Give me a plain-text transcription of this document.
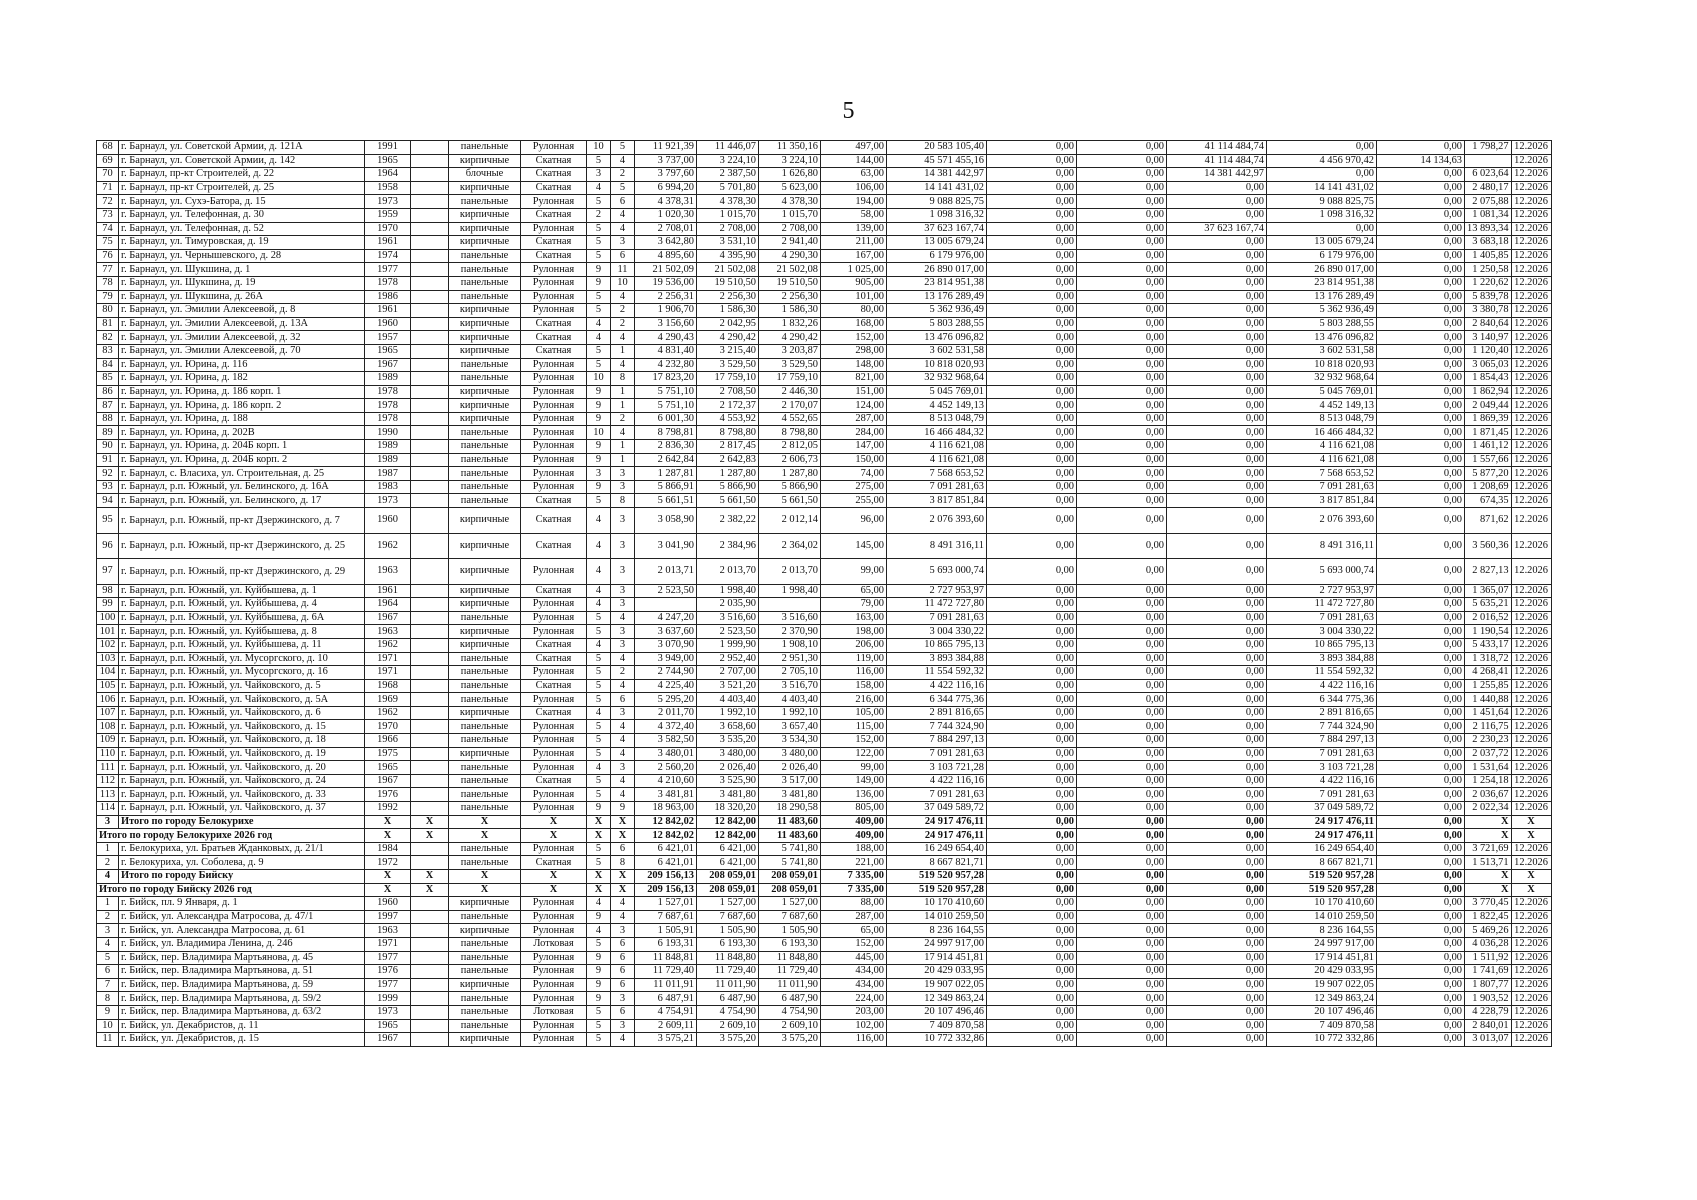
5
68	г. Барнаул, ул. Советской Армии, д. 121А	1991		панельные	Рулонная	10	5	11 921,39	11 446,07	11 350,16	497,00	20 583 105,40	0,00	0,00	41 114 484,74	0,00	0,00	1 798,27	12.2026
69	г. Барнаул, ул. Советской Армии, д. 142	1965		кирпичные	Скатная	5	4	3 737,00	3 224,10	3 224,10	144,00	45 571 455,16	0,00	0,00	41 114 484,74	4 456 970,42	14 134,63		12.2026
70	г. Барнаул, пр-кт Строителей, д. 22	1964		блочные	Скатная	3	2	3 797,60	2 387,50	1 626,80	63,00	14 381 442,97	0,00	0,00	14 381 442,97	0,00	0,00	6 023,64	12.2026
71	г. Барнаул, пр-кт Строителей, д. 25	1958		кирпичные	Скатная	4	5	6 994,20	5 701,80	5 623,00	106,00	14 141 431,02	0,00	0,00	0,00	14 141 431,02	0,00	2 480,17	12.2026
72	г. Барнаул, ул. Сухэ-Батора, д. 15	1973		панельные	Рулонная	5	6	4 378,31	4 378,30	4 378,30	194,00	9 088 825,75	0,00	0,00	0,00	9 088 825,75	0,00	2 075,88	12.2026
73	г. Барнаул, ул. Телефонная, д. 30	1959		кирпичные	Скатная	2	4	1 020,30	1 015,70	1 015,70	58,00	1 098 316,32	0,00	0,00	0,00	1 098 316,32	0,00	1 081,34	12.2026
74	г. Барнаул, ул. Телефонная, д. 52	1970		кирпичные	Рулонная	5	4	2 708,01	2 708,00	2 708,00	139,00	37 623 167,74	0,00	0,00	37 623 167,74	0,00	0,00	13 893,34	12.2026
75	г. Барнаул, ул. Тимуровская, д. 19	1961		кирпичные	Скатная	5	3	3 642,80	3 531,10	2 941,40	211,00	13 005 679,24	0,00	0,00	0,00	13 005 679,24	0,00	3 683,18	12.2026
76	г. Барнаул, ул. Чернышевского, д. 28	1974		панельные	Скатная	5	6	4 895,60	4 395,90	4 290,30	167,00	6 179 976,00	0,00	0,00	0,00	6 179 976,00	0,00	1 405,85	12.2026
77	г. Барнаул, ул. Шукшина, д. 1	1977		панельные	Рулонная	9	11	21 502,09	21 502,08	21 502,08	1 025,00	26 890 017,00	0,00	0,00	0,00	26 890 017,00	0,00	1 250,58	12.2026
78	г. Барнаул, ул. Шукшина, д. 19	1978		панельные	Рулонная	9	10	19 536,00	19 510,50	19 510,50	905,00	23 814 951,38	0,00	0,00	0,00	23 814 951,38	0,00	1 220,62	12.2026
79	г. Барнаул, ул. Шукшина, д. 26А	1986		панельные	Рулонная	5	4	2 256,31	2 256,30	2 256,30	101,00	13 176 289,49	0,00	0,00	0,00	13 176 289,49	0,00	5 839,78	12.2026
80	г. Барнаул, ул. Эмилии Алексеевой, д. 8	1961		кирпичные	Рулонная	5	2	1 906,70	1 586,30	1 586,30	80,00	5 362 936,49	0,00	0,00	0,00	5 362 936,49	0,00	3 380,78	12.2026
81	г. Барнаул, ул. Эмилии Алексеевой, д. 13А	1960		кирпичные	Скатная	4	2	3 156,60	2 042,95	1 832,26	168,00	5 803 288,55	0,00	0,00	0,00	5 803 288,55	0,00	2 840,64	12.2026
82	г. Барнаул, ул. Эмилии Алексеевой, д. 32	1957		кирпичные	Скатная	4	4	4 290,43	4 290,42	4 290,42	152,00	13 476 096,82	0,00	0,00	0,00	13 476 096,82	0,00	3 140,97	12.2026
83	г. Барнаул, ул. Эмилии Алексеевой, д. 70	1965		кирпичные	Скатная	5	1	4 831,40	3 215,40	3 203,87	298,00	3 602 531,58	0,00	0,00	0,00	3 602 531,58	0,00	1 120,40	12.2026
84	г. Барнаул, ул. Юрина, д. 116	1967		панельные	Рулонная	5	4	4 232,80	3 529,50	3 529,50	148,00	10 818 020,93	0,00	0,00	0,00	10 818 020,93	0,00	3 065,03	12.2026
85	г. Барнаул, ул. Юрина, д. 182	1989		панельные	Рулонная	10	8	17 823,20	17 759,10	17 759,10	821,00	32 932 968,64	0,00	0,00	0,00	32 932 968,64	0,00	1 854,43	12.2026
86	г. Барнаул, ул. Юрина, д. 186 корп. 1	1978		кирпичные	Рулонная	9	1	5 751,10	2 708,50	2 446,30	151,00	5 045 769,01	0,00	0,00	0,00	5 045 769,01	0,00	1 862,94	12.2026
87	г. Барнаул, ул. Юрина, д. 186 корп. 2	1978		кирпичные	Рулонная	9	1	5 751,10	2 172,37	2 170,07	124,00	4 452 149,13	0,00	0,00	0,00	4 452 149,13	0,00	2 049,44	12.2026
88	г. Барнаул, ул. Юрина, д. 188	1978		кирпичные	Рулонная	9	2	6 001,30	4 553,92	4 552,65	287,00	8 513 048,79	0,00	0,00	0,00	8 513 048,79	0,00	1 869,39	12.2026
89	г. Барнаул, ул. Юрина, д. 202В	1990		панельные	Рулонная	10	4	8 798,81	8 798,80	8 798,80	284,00	16 466 484,32	0,00	0,00	0,00	16 466 484,32	0,00	1 871,45	12.2026
90	г. Барнаул, ул. Юрина, д. 204Б корп. 1	1989		панельные	Рулонная	9	1	2 836,30	2 817,45	2 812,05	147,00	4 116 621,08	0,00	0,00	0,00	4 116 621,08	0,00	1 461,12	12.2026
91	г. Барнаул, ул. Юрина, д. 204Б корп. 2	1989		панельные	Рулонная	9	1	2 642,84	2 642,83	2 606,73	150,00	4 116 621,08	0,00	0,00	0,00	4 116 621,08	0,00	1 557,66	12.2026
92	г. Барнаул, с. Власиха, ул. Строительная, д. 25	1987		панельные	Рулонная	3	3	1 287,81	1 287,80	1 287,80	74,00	7 568 653,52	0,00	0,00	0,00	7 568 653,52	0,00	5 877,20	12.2026
93	г. Барнаул, р.п. Южный, ул. Белинского, д. 16А	1983		панельные	Рулонная	9	3	5 866,91	5 866,90	5 866,90	275,00	7 091 281,63	0,00	0,00	0,00	7 091 281,63	0,00	1 208,69	12.2026
94	г. Барнаул, р.п. Южный, ул. Белинского, д. 17	1973		панельные	Скатная	5	8	5 661,51	5 661,50	5 661,50	255,00	3 817 851,84	0,00	0,00	0,00	3 817 851,84	0,00	674,35	12.2026
95	г. Барнаул, р.п. Южный, пр-кт Дзержинского, д. 7	1960		кирпичные	Скатная	4	3	3 058,90	2 382,22	2 012,14	96,00	2 076 393,60	0,00	0,00	0,00	2 076 393,60	0,00	871,62	12.2026
96	г. Барнаул, р.п. Южный, пр-кт Дзержинского, д. 25	1962		кирпичные	Скатная	4	3	3 041,90	2 384,96	2 364,02	145,00	8 491 316,11	0,00	0,00	0,00	8 491 316,11	0,00	3 560,36	12.2026
97	г. Барнаул, р.п. Южный, пр-кт Дзержинского, д. 29	1963		кирпичные	Рулонная	4	3	2 013,71	2 013,70	2 013,70	99,00	5 693 000,74	0,00	0,00	0,00	5 693 000,74	0,00	2 827,13	12.2026
98	г. Барнаул, р.п. Южный, ул. Куйбышева, д. 1	1961		кирпичные	Скатная	4	3	2 523,50	1 998,40	1 998,40	65,00	2 727 953,97	0,00	0,00	0,00	2 727 953,97	0,00	1 365,07	12.2026
99	г. Барнаул, р.п. Южный, ул. Куйбышева, д. 4	1964		кирпичные	Рулонная	4	3		2 035,90		79,00	11 472 727,80	0,00	0,00	0,00	11 472 727,80	0,00	5 635,21	12.2026
100	г. Барнаул, р.п. Южный, ул. Куйбышева, д. 6А	1967		панельные	Рулонная	5	4	4 247,20	3 516,60	3 516,60	163,00	7 091 281,63	0,00	0,00	0,00	7 091 281,63	0,00	2 016,52	12.2026
101	г. Барнаул, р.п. Южный, ул. Куйбышева, д. 8	1963		кирпичные	Рулонная	5	3	3 637,60	2 523,50	2 370,90	198,00	3 004 330,22	0,00	0,00	0,00	3 004 330,22	0,00	1 190,54	12.2026
102	г. Барнаул, р.п. Южный, ул. Куйбышева, д. 11	1962		кирпичные	Скатная	4	3	3 070,90	1 999,90	1 908,10	206,00	10 865 795,13	0,00	0,00	0,00	10 865 795,13	0,00	5 433,17	12.2026
103	г. Барнаул, р.п. Южный, ул. Мусоргского, д. 10	1971		панельные	Скатная	5	4	3 949,00	2 952,40	2 951,30	119,00	3 893 384,88	0,00	0,00	0,00	3 893 384,88	0,00	1 318,72	12.2026
104	г. Барнаул, р.п. Южный, ул. Мусоргского, д. 16	1971		панельные	Рулонная	5	2	2 744,90	2 707,00	2 705,10	116,00	11 554 592,32	0,00	0,00	0,00	11 554 592,32	0,00	4 268,41	12.2026
105	г. Барнаул, р.п. Южный, ул. Чайковского, д. 5	1968		панельные	Скатная	5	4	4 225,40	3 521,20	3 516,70	158,00	4 422 116,16	0,00	0,00	0,00	4 422 116,16	0,00	1 255,85	12.2026
106	г. Барнаул, р.п. Южный, ул. Чайковского, д. 5А	1969		панельные	Рулонная	5	6	5 295,20	4 403,40	4 403,40	216,00	6 344 775,36	0,00	0,00	0,00	6 344 775,36	0,00	1 440,88	12.2026
107	г. Барнаул, р.п. Южный, ул. Чайковского, д. 6	1962		кирпичные	Скатная	4	3	2 011,70	1 992,10	1 992,10	105,00	2 891 816,65	0,00	0,00	0,00	2 891 816,65	0,00	1 451,64	12.2026
108	г. Барнаул, р.п. Южный, ул. Чайковского, д. 15	1970		панельные	Рулонная	5	4	4 372,40	3 658,60	3 657,40	115,00	7 744 324,90	0,00	0,00	0,00	7 744 324,90	0,00	2 116,75	12.2026
109	г. Барнаул, р.п. Южный, ул. Чайковского, д. 18	1966		панельные	Рулонная	5	4	3 582,50	3 535,20	3 534,30	152,00	7 884 297,13	0,00	0,00	0,00	7 884 297,13	0,00	2 230,23	12.2026
110	г. Барнаул, р.п. Южный, ул. Чайковского, д. 19	1975		кирпичные	Рулонная	5	4	3 480,01	3 480,00	3 480,00	122,00	7 091 281,63	0,00	0,00	0,00	7 091 281,63	0,00	2 037,72	12.2026
111	г. Барнаул, р.п. Южный, ул. Чайковского, д. 20	1965		панельные	Рулонная	4	3	2 560,20	2 026,40	2 026,40	99,00	3 103 721,28	0,00	0,00	0,00	3 103 721,28	0,00	1 531,64	12.2026
112	г. Барнаул, р.п. Южный, ул. Чайковского, д. 24	1967		панельные	Скатная	5	4	4 210,60	3 525,90	3 517,00	149,00	4 422 116,16	0,00	0,00	0,00	4 422 116,16	0,00	1 254,18	12.2026
113	г. Барнаул, р.п. Южный, ул. Чайковского, д. 33	1976		панельные	Рулонная	5	4	3 481,81	3 481,80	3 481,80	136,00	7 091 281,63	0,00	0,00	0,00	7 091 281,63	0,00	2 036,67	12.2026
114	г. Барнаул, р.п. Южный, ул. Чайковского, д. 37	1992		панельные	Рулонная	9	9	18 963,00	18 320,20	18 290,58	805,00	37 049 589,72	0,00	0,00	0,00	37 049 589,72	0,00	2 022,34	12.2026
3	Итого по городу Белокурихе	X	X	X	X	X	X	12 842,02	12 842,00	11 483,60	409,00	24 917 476,11	0,00	0,00	0,00	24 917 476,11	0,00	X	X
Итого по городу Белокурихе 2026 год		X	X	X	X	X	X	12 842,02	12 842,00	11 483,60	409,00	24 917 476,11	0,00	0,00	0,00	24 917 476,11	0,00	X	X
1	г. Белокуриха, ул. Братьев Жданковых, д. 21/1	1984		панельные	Рулонная	5	6	6 421,01	6 421,00	5 741,80	188,00	16 249 654,40	0,00	0,00	0,00	16 249 654,40	0,00	3 721,69	12.2026
2	г. Белокуриха, ул. Соболева, д. 9	1972		панельные	Скатная	5	8	6 421,01	6 421,00	5 741,80	221,00	8 667 821,71	0,00	0,00	0,00	8 667 821,71	0,00	1 513,71	12.2026
4	Итого по городу Бийску	X	X	X	X	X	X	209 156,13	208 059,01	208 059,01	7 335,00	519 520 957,28	0,00	0,00	0,00	519 520 957,28	0,00	X	X
Итого по городу Бийску 2026 год		X	X	X	X	X	X	209 156,13	208 059,01	208 059,01	7 335,00	519 520 957,28	0,00	0,00	0,00	519 520 957,28	0,00	X	X
1	г. Бийск, пл. 9 Января, д. 1	1960		кирпичные	Рулонная	4	4	1 527,01	1 527,00	1 527,00	88,00	10 170 410,60	0,00	0,00	0,00	10 170 410,60	0,00	3 770,45	12.2026
2	г. Бийск, ул. Александра Матросова, д. 47/1	1997		панельные	Рулонная	9	4	7 687,61	7 687,60	7 687,60	287,00	14 010 259,50	0,00	0,00	0,00	14 010 259,50	0,00	1 822,45	12.2026
3	г. Бийск, ул. Александра Матросова, д. 61	1963		кирпичные	Рулонная	4	3	1 505,91	1 505,90	1 505,90	65,00	8 236 164,55	0,00	0,00	0,00	8 236 164,55	0,00	5 469,26	12.2026
4	г. Бийск, ул. Владимира Ленина, д. 246	1971		панельные	Лотковая	5	6	6 193,31	6 193,30	6 193,30	152,00	24 997 917,00	0,00	0,00	0,00	24 997 917,00	0,00	4 036,28	12.2026
5	г. Бийск, пер. Владимира Мартьянова, д. 45	1977		панельные	Рулонная	9	6	11 848,81	11 848,80	11 848,80	445,00	17 914 451,81	0,00	0,00	0,00	17 914 451,81	0,00	1 511,92	12.2026
6	г. Бийск, пер. Владимира Мартьянова, д. 51	1976		панельные	Рулонная	9	6	11 729,40	11 729,40	11 729,40	434,00	20 429 033,95	0,00	0,00	0,00	20 429 033,95	0,00	1 741,69	12.2026
7	г. Бийск, пер. Владимира Мартьянова, д. 59	1977		кирпичные	Рулонная	9	6	11 011,91	11 011,90	11 011,90	434,00	19 907 022,05	0,00	0,00	0,00	19 907 022,05	0,00	1 807,77	12.2026
8	г. Бийск, пер. Владимира Мартьянова, д. 59/2	1999		панельные	Рулонная	9	3	6 487,91	6 487,90	6 487,90	224,00	12 349 863,24	0,00	0,00	0,00	12 349 863,24	0,00	1 903,52	12.2026
9	г. Бийск, пер. Владимира Мартьянова, д. 63/2	1973		панельные	Лотковая	5	6	4 754,91	4 754,90	4 754,90	203,00	20 107 496,46	0,00	0,00	0,00	20 107 496,46	0,00	4 228,79	12.2026
10	г. Бийск, ул. Декабристов, д. 11	1965		панельные	Рулонная	5	3	2 609,11	2 609,10	2 609,10	102,00	7 409 870,58	0,00	0,00	0,00	7 409 870,58	0,00	2 840,01	12.2026
11	г. Бийск, ул. Декабристов, д. 15	1967		кирпичные	Рулонная	5	4	3 575,21	3 575,20	3 575,20	116,00	10 772 332,86	0,00	0,00	0,00	10 772 332,86	0,00	3 013,07	12.2026
